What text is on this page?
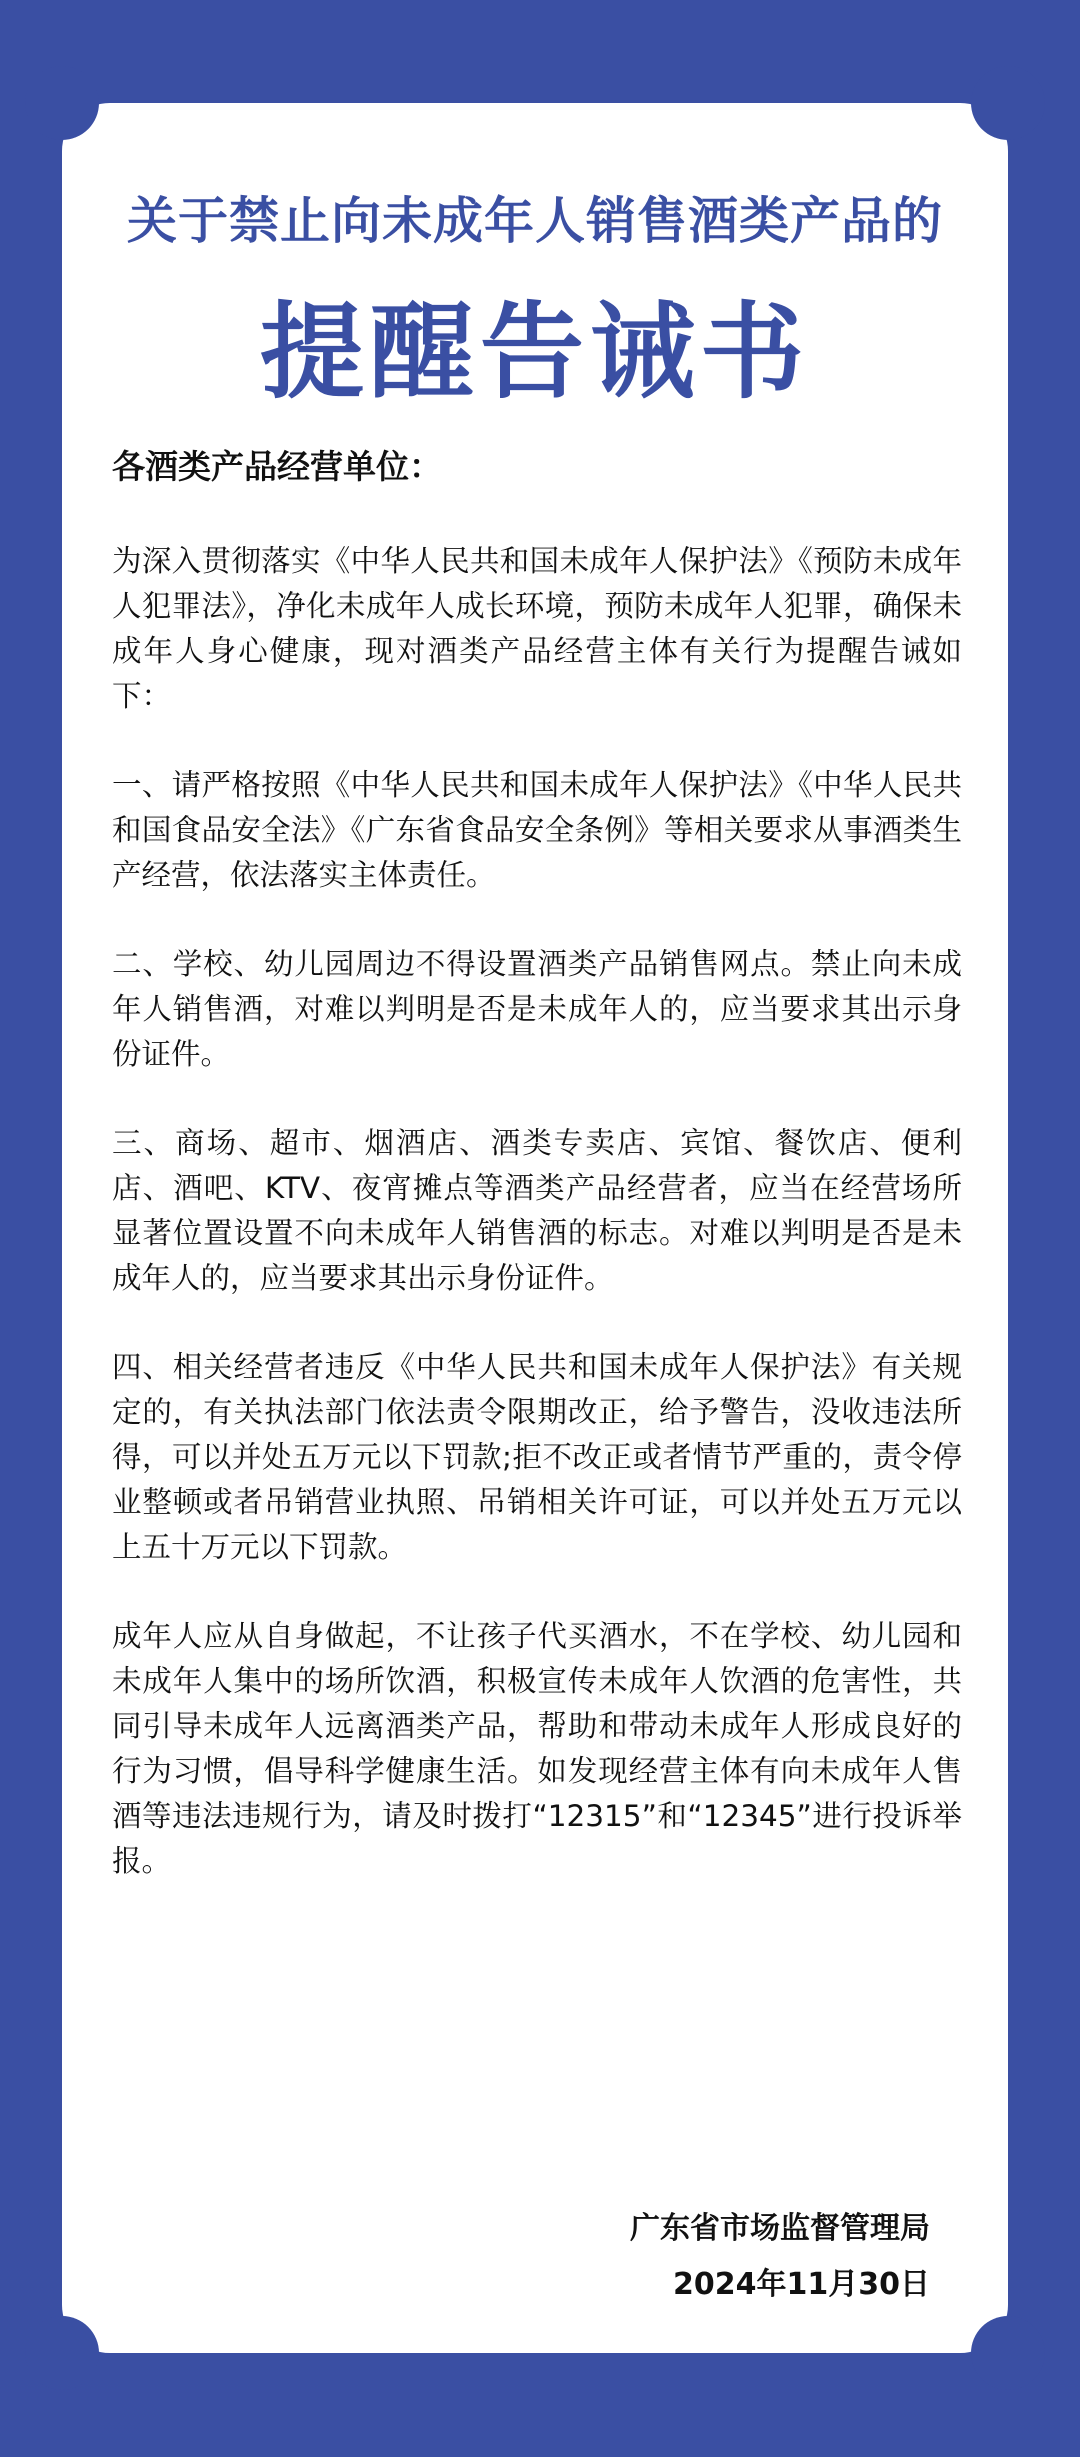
关于禁止向未成年人销售酒类产品的
提醒告诫书
各酒类产品经营单位：

为深入贯彻落实《中华人民共和国未成年人保护法》《预防未成年人犯罪法》，净化未成年人成长环境，预防未成年人犯罪，确保未成年人身心健康，现对酒类产品经营主体有关行为提醒告诫如下：

一、请严格按照《中华人民共和国未成年人保护法》《中华人民共和国食品安全法》《广东省食品安全条例》等相关要求从事酒类生产经营，依法落实主体责任。

二、学校、幼儿园周边不得设置酒类产品销售网点。禁止向未成年人销售酒，对难以判明是否是未成年人的，应当要求其出示身份证件。

三、商场、超市、烟酒店、酒类专卖店、宾馆、餐饮店、便利店、酒吧、KTV、夜宵摊点等酒类产品经营者，应当在经营场所显著位置设置不向未成年人销售酒的标志。对难以判明是否是未成年人的，应当要求其出示身份证件。

四、相关经营者违反《中华人民共和国未成年人保护法》有关规定的，有关执法部门依法责令限期改正，给予警告，没收违法所得，可以并处五万元以下罚款;拒不改正或者情节严重的，责令停业整顿或者吊销营业执照、吊销相关许可证，可以并处五万元以上五十万元以下罚款。

成年人应从自身做起，不让孩子代买酒水，不在学校、幼儿园和未成年人集中的场所饮酒，积极宣传未成年人饮酒的危害性，共同引导未成年人远离酒类产品，帮助和带动未成年人形成良好的行为习惯，倡导科学健康生活。如发现经营主体有向未成年人售酒等违法违规行为，请及时拨打“12315”和“12345”进行投诉举报。

广东省市场监督管理局
2024年11月30日
